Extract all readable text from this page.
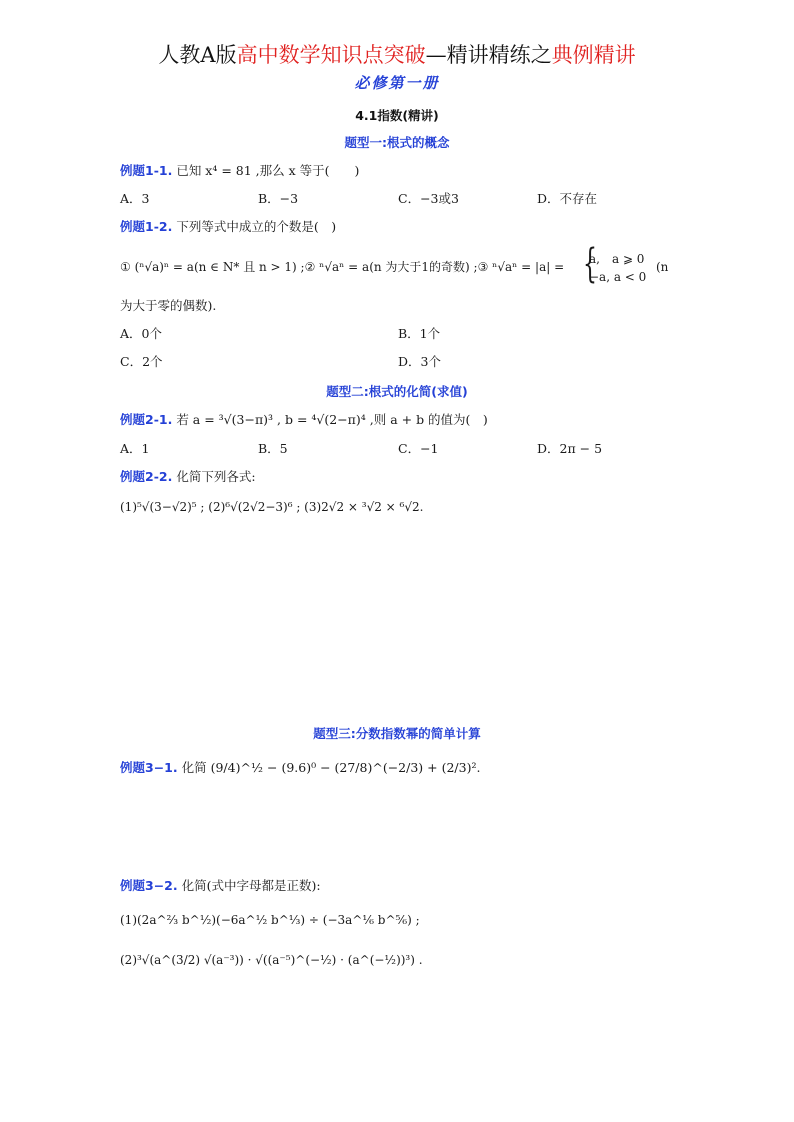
人教A版高中数学知识点突破—精讲精练之典例精讲
必修第一册
4.1指数(精讲)
题型一:根式的概念
例题1-1. 已知 x⁴ = 81 ,那么 x 等于(　　)
A．3	B．−3	C．−3或3	D．不存在
例题1-2. 下列等式中成立的个数是(　)
① (ⁿ√a)ⁿ = a(n ∈ N* 且 n > 1) ;② ⁿ√aⁿ = a(n 为大于1的奇数) ;③ ⁿ√aⁿ = |a| = {
a,　a ⩾ 0
−a, a < 0
(n
为大于零的偶数).
A．0个	B．1个
C．2个	D．3个
题型二:根式的化简(求值)
例题2-1. 若 a = ³√(3−π)³ , b = ⁴√(2−π)⁴ ,则 a + b 的值为(　)
A．1	B．5	C．−1	D．2π − 5
例题2-2. 化简下列各式:
(1)⁵√(3−√2)⁵ ; (2)⁶√(2√2−3)⁶ ; (3)2√2 × ³√2 × ⁶√2.
题型三:分数指数幂的简单计算
例题3−1. 化简 (9/4)^½ − (9.6)⁰ − (27/8)^(−2/3) + (2/3)².
例题3−2. 化简(式中字母都是正数):
(1)(2a^⅔ b^½)(−6a^½ b^⅓) ÷ (−3a^⅙ b^⅚) ;
(2)³√(a^(3/2) √(a⁻³)) · √((a⁻⁵)^(−½) · (a^(−½))³) .
